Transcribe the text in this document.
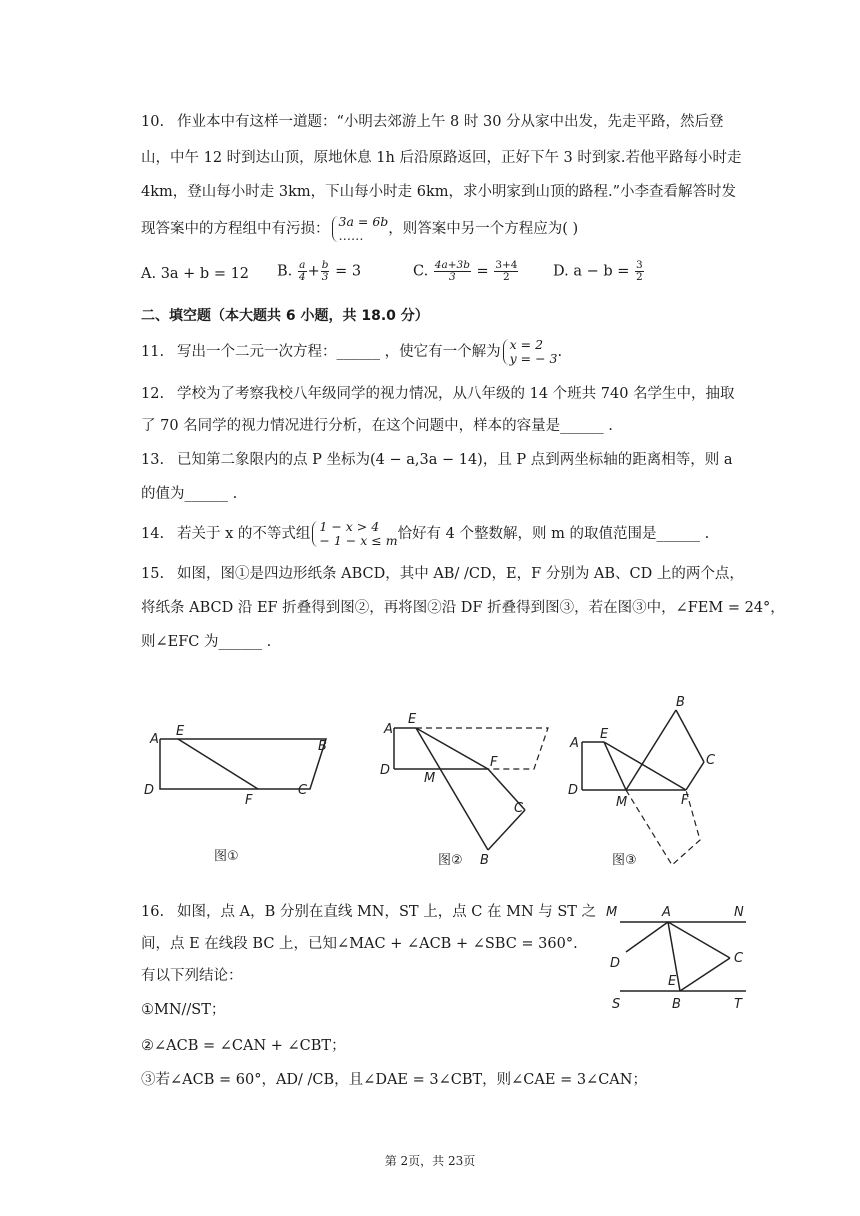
10. 作业本中有这样一道题：“小明去郊游上午 8 时 30 分从家中出发，先走平路，然后登
山，中午 12 时到达山顶，原地休息 1h 后沿原路返回，正好下午 3 时到家.若他平路每小时走
4km，登山每小时走 3km，下山每小时走 6km，求小明家到山顶的路程.”小李查看解答时发
现答案中的方程组中有污损： 3a = 6b
……	，则答案中另一个方程应为( )
A. 3a + b = 12 B. $\frac{a}{4} + \frac{b}{3} = 3$	C. $\frac{4a+3b}{3} = \frac{3+4}{2} D$. $a - b = \frac{3}{2}$
二、填空题（本大题共 6 小题，共 18.0 分）
11. 写出一个二元一次方程：______ ，使它有一个解为 x = 2
y = − 3 .
12. 学校为了考察我校八年级同学的视力情况，从八年级的 14 个班共 740 名学生中，抽取
了 70 名同学的视力情况进行分析，在这个问题中，样本的容量是______ .
13. 已知第二象限内的点 P 坐标为(4 − a,3a − 14)，且 P 点到两坐标轴的距离相等，则 a
的值为______ .
14. 若关于 x 的不等式组 1 − x > 4
− 1 − x ≤ m 恰好有 4 个整数解，则 m 的取值范围是______ .
15. 如图，图①是四边形纸条 ABCD，其中 AB/ /CD，E，F 分别为 AB、CD 上的两个点，
将纸条 ABCD 沿 EF 折叠得到图②，再将图②沿 DF 折叠得到图③，若在图③中，∠FEM = 24°，
则∠EFC 为______ .
A
E
B
D
F
C
图①
A
E
D
M
F
C
B
图②
A
E
D
M	F
B
C
图③
16. 如图，点 A，B 分别在直线 MN，ST 上，点 C 在 MN 与 ST 之
间，点 E 在线段 BC 上，已知∠MAC + ∠ACB + ∠SBC = 360°.
有以下列结论：
①MN//ST；
②∠ACB = ∠CAN + ∠CBT；
③若∠ACB = 60°，AD/ /CB，且∠DAE = 3∠CBT，则∠CAE = 3∠CAN；
M	A	N
D	C
E
S	B	T
第 2页，共 23页
